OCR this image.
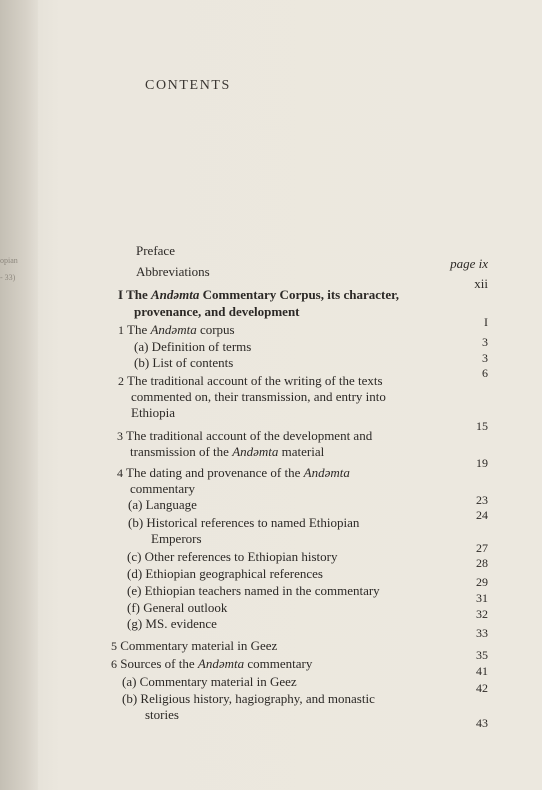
opian
- 33)
CONTENTS
Preface
Abbreviations
I The Andəmta Commentary Corpus, its character,
provenance, and development
1 The Andəmta corpus
(a) Definition of terms
(b) List of contents
2 The traditional account of the writing of the texts
commented on, their transmission, and entry into
Ethiopia
3 The traditional account of the development and
transmission of the Andəmta material
4 The dating and provenance of the Andəmta
commentary
(a) Language
(b) Historical references to named Ethiopian
Emperors
(c) Other references to Ethiopian history
(d) Ethiopian geographical references
(e) Ethiopian teachers named in the commentary
(f) General outlook
(g) MS. evidence
5 Commentary material in Geez
6 Sources of the Andəmta commentary
(a) Commentary material in Geez
(b) Religious history, hagiography, and monastic
stories
page ix
xii
I
3
3
6
15
19
23
24
27
28
29
31
32
33
35
41
42
43
